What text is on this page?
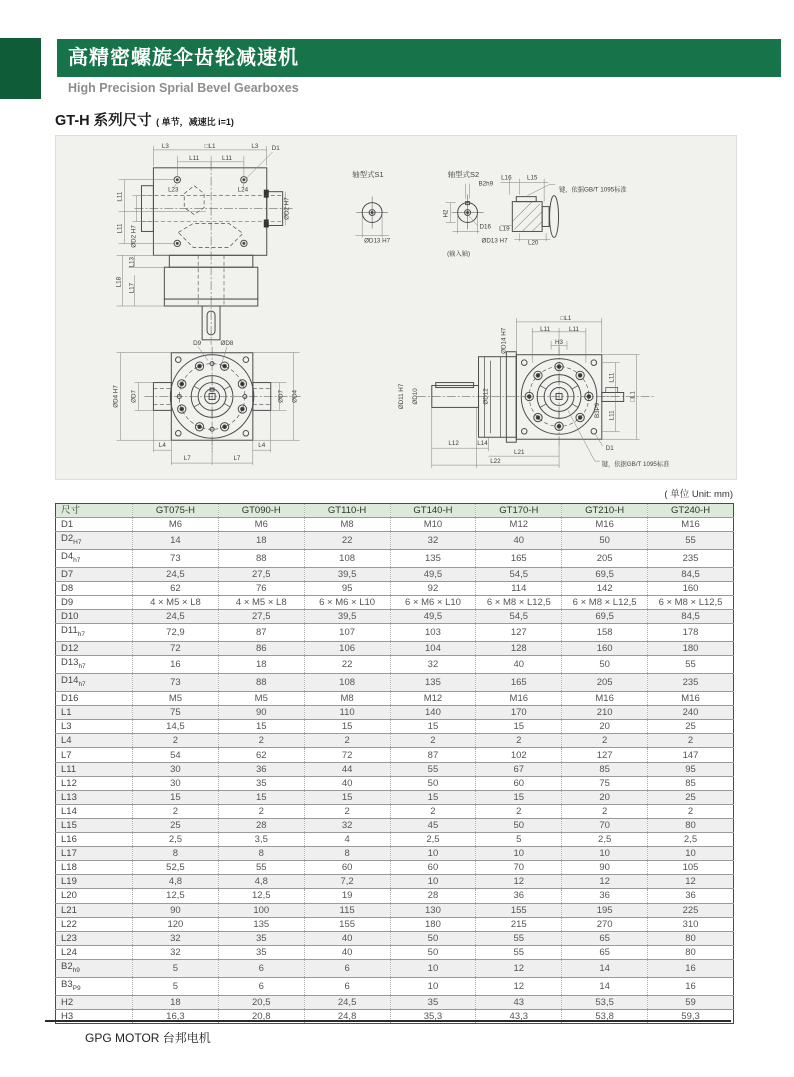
高精密螺旋伞齿轮减速机
High Precision Sprial Bevel Gearboxes
GT-H 系列尺寸 ( 单节，减速比 i=1)
L3	□L1	L3 D1
L11	L11
L23	L24
ØD2 H7
L11
L11 ØD2 H7
L13
L18
L17
轴型式S1
ØD13 H7
轴型式S2
B2h9
H2
D16
ØD13 H7
(输入轴)
L16 L15
键，依据GB/T 1095标准
L19
L20
D9	ØD8
ØD4 H7 ØD7	ØD7 ØD4
L4
L7	L7
L4
□L1
L11	L11
H3
ØD14 H7
ØD11 H7 ØD10	ØD12
L11
L11
□L1
B3P9
L12	L14
L21
L22
D1
键，依据GB/T 1095标准
( 单位 Unit: mm)
尺寸	GT075-H	GT090-H	GT110-H	GT140-H	GT170-H	GT210-H	GT240-H
D1	M6	M6	M8	M10	M12	M16	M16
$D2_{H7}$	14	18	22	32	40	50	55
$D4_{h7}$	73	88	108	135	165	205	235
D7	24,5	27,5	39,5	49,5	54,5	69,5	84,5
D8	62	76	95	92	114	142	160
D9	4 × M5 × L8	4 × M5 × L8	6 × M6 × L10	6 × M6 × L10	6 × M8 × L12,5	6 × M8 × L12,5	6 × M8 × L12,5
D10	24,5	27,5	39,5	49,5	54,5	69,5	84,5
$D11_{h7}$	72,9	87	107	103	127	158	178
D12	72	86	106	104	128	160	180
$D13_{h7}$	16	18	22	32	40	50	55
$D14_{h7}$	73	88	108	135	165	205	235
D16	M5	M5	M8	M12	M16	M16	M16
L1	75	90	110	140	170	210	240
L3	14,5	15	15	15	15	20	25
L4	2	2	2	2	2	2	2
L7	54	62	72	87	102	127	147
L11	30	36	44	55	67	85	95
L12	30	35	40	50	60	75	85
L13	15	15	15	15	15	20	25
L14	2	2	2	2	2	2	2
L15	25	28	32	45	50	70	80
L16	2,5	3,5	4	2,5	5	2,5	2,5
L17	8	8	8	10	10	10	10
L18	52,5	55	60	60	70	90	105
L19	4,8	4,8	7,2	10	12	12	12
L20	12,5	12,5	19	28	36	36	36
L21	90	100	115	130	155	195	225
L22	120	135	155	180	215	270	310
L23	32	35	40	50	55	65	80
L24	32	35	40	50	55	65	80
$B2_{h9}$	5	6	6	10	12	14	16
$B3_{P9}$	5	6	6	10	12	14	16
H2	18	20,5	24,5	35	43	53,5	59
H3	16,3	20,8	24,8	35,3	43,3	53,8	59,3
GPG MOTOR 台邦电机
